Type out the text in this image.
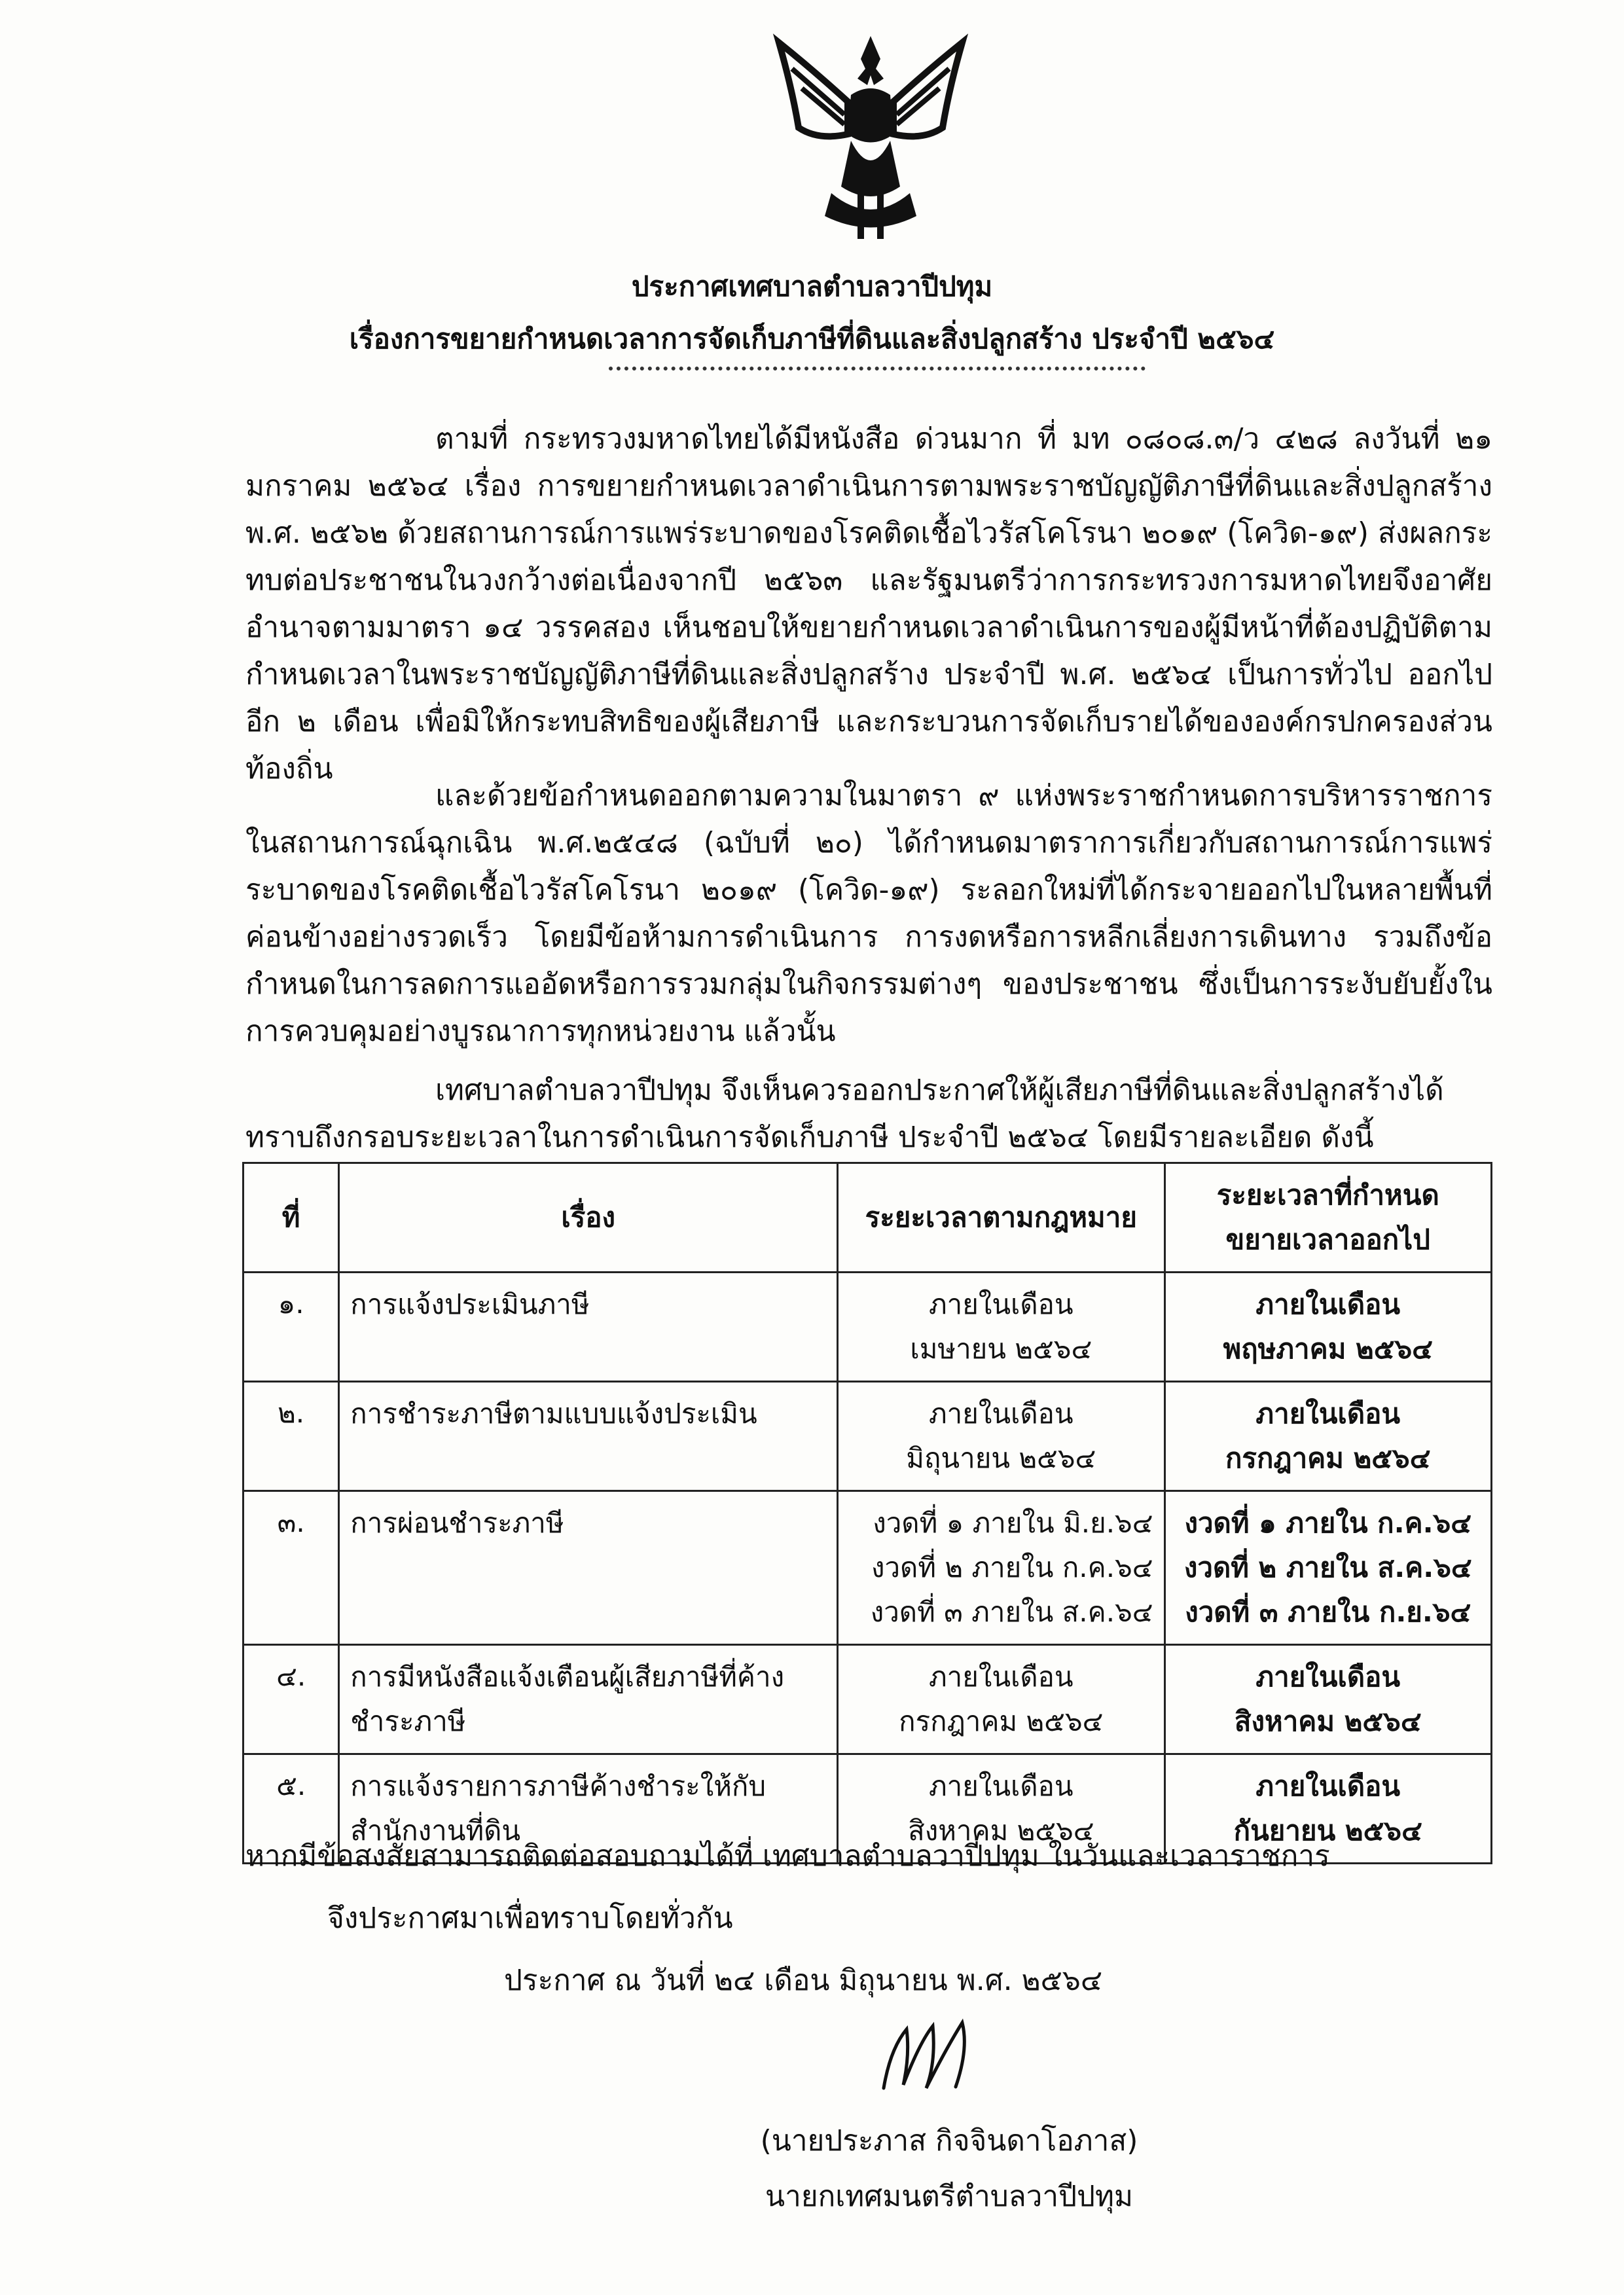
ประกาศเทศบาลตำบลวาปีปทุม
เรื่องการขยายกำหนดเวลาการจัดเก็บภาษีที่ดินและสิ่งปลูกสร้าง ประจำปี ๒๕๖๔
ตามที่ กระทรวงมหาดไทยได้มีหนังสือ ด่วนมาก ที่ มท ๐๘๐๘.๓/ว ๔๒๘ ลงวันที่ ๒๑ มกราคม ๒๕๖๔ เรื่อง การขยายกำหนดเวลาดำเนินการตามพระราชบัญญัติภาษีที่ดินและสิ่งปลูกสร้าง พ.ศ. ๒๕๖๒ ด้วยสถานการณ์การแพร่ระบาดของโรคติดเชื้อไวรัสโคโรนา ๒๐๑๙ (โควิด-๑๙) ส่งผลกระทบต่อประชาชนในวงกว้างต่อเนื่องจากปี ๒๕๖๓ และรัฐมนตรีว่าการกระทรวงการมหาดไทยจึงอาศัยอำนาจตามมาตรา ๑๔ วรรคสอง เห็นชอบให้ขยายกำหนดเวลาดำเนินการของผู้มีหน้าที่ต้องปฏิบัติตามกำหนดเวลาในพระราชบัญญัติภาษีที่ดินและสิ่งปลูกสร้าง ประจำปี พ.ศ. ๒๕๖๔ เป็นการทั่วไป ออกไปอีก ๒ เดือน เพื่อมิให้กระทบสิทธิของผู้เสียภาษี และกระบวนการจัดเก็บรายได้ขององค์กรปกครองส่วนท้องถิ่น
และด้วยข้อกำหนดออกตามความในมาตรา ๙ แห่งพระราชกำหนดการบริหารราชการในสถานการณ์ฉุกเฉิน พ.ศ.๒๕๔๘ (ฉบับที่ ๒๐) ได้กำหนดมาตราการเกี่ยวกับสถานการณ์การแพร่ระบาดของโรคติดเชื้อไวรัสโคโรนา ๒๐๑๙ (โควิด-๑๙) ระลอกใหม่ที่ได้กระจายออกไปในหลายพื้นที่ค่อนข้างอย่างรวดเร็ว โดยมีข้อห้ามการดำเนินการ การงดหรือการหลีกเลี่ยงการเดินทาง รวมถึงข้อกำหนดในการลดการแออัดหรือการรวมกลุ่มในกิจกรรมต่างๆ ของประชาชน ซึ่งเป็นการระงับยับยั้งในการควบคุมอย่างบูรณาการทุกหน่วยงาน แล้วนั้น
เทศบาลตำบลวาปีปทุม จึงเห็นควรออกประกาศให้ผู้เสียภาษีที่ดินและสิ่งปลูกสร้างได้ทราบถึงกรอบระยะเวลาในการดำเนินการจัดเก็บภาษี ประจำปี ๒๕๖๔ โดยมีรายละเอียด ดังนี้
ที่	เรื่อง	ระยะเวลาตามกฎหมาย	ระยะเวลาที่กำหนด
ขยายเวลาออกไป

๑.	การแจ้งประเมินภาษี	ภายในเดือน
เมษายน ๒๕๖๔	ภายในเดือน
พฤษภาคม ๒๕๖๔

๒.	การชำระภาษีตามแบบแจ้งประเมิน	ภายในเดือน
มิถุนายน ๒๕๖๔	ภายในเดือน
กรกฎาคม ๒๕๖๔

๓.	การผ่อนชำระภาษี	งวดที่ ๑ ภายใน มิ.ย.๖๔
งวดที่ ๒ ภายใน ก.ค.๖๔
งวดที่ ๓ ภายใน ส.ค.๖๔	งวดที่ ๑ ภายใน ก.ค.๖๔
งวดที่ ๒ ภายใน ส.ค.๖๔
งวดที่ ๓ ภายใน ก.ย.๖๔

๔.	การมีหนังสือแจ้งเตือนผู้เสียภาษีที่ค้าง
ชำระภาษี	ภายในเดือน
กรกฎาคม ๒๕๖๔	ภายในเดือน
สิงหาคม ๒๕๖๔

๕.	การแจ้งรายการภาษีค้างชำระให้กับ
สำนักงานที่ดิน	ภายในเดือน
สิงหาคม ๒๕๖๔	ภายในเดือน
กันยายน ๒๕๖๔
หากมีข้อสงสัยสามารถติดต่อสอบถามได้ที่ เทศบาลตำบลวาปีปทุม ในวันและเวลาราชการ
จึงประกาศมาเพื่อทราบโดยทั่วกัน
ประกาศ ณ วันที่ ๒๔ เดือน มิถุนายน พ.ศ. ๒๕๖๔
(นายประภาส กิจจินดาโอภาส)
นายกเทศมนตรีตำบลวาปีปทุม
